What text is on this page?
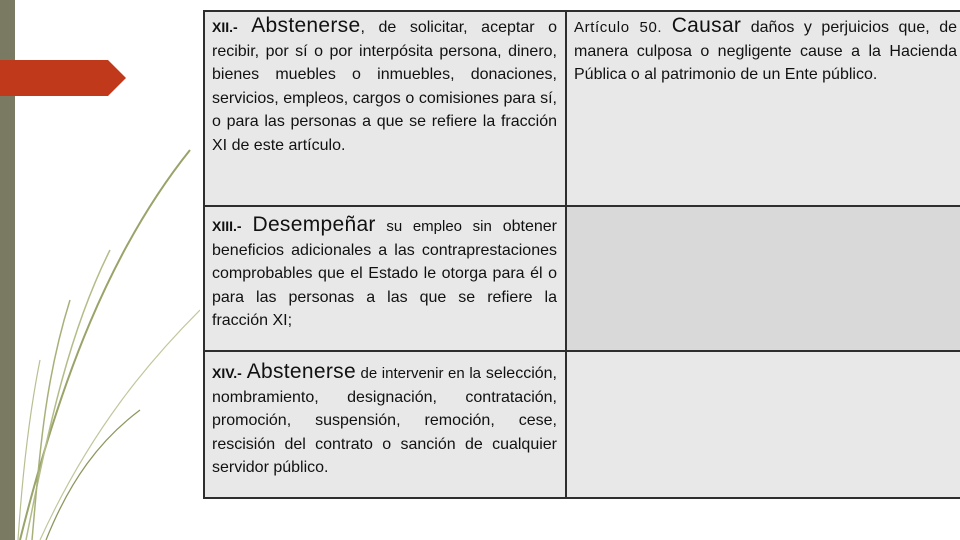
XII.- Abstenerse, de solicitar, aceptar o recibir, por sí o por interpósita persona, dinero, bienes muebles o inmuebles, donaciones, servicios, empleos, cargos o comisiones para sí, o para las personas a que se refiere la fracción XI de este artículo.	Artículo 50. Causar daños y perjuicios que, de manera culposa o negligente cause a la Hacienda Pública o al patrimonio de un Ente público.
XIII.- Desempeñar su empleo sin obtener beneficios adicionales a las contraprestaciones comprobables que el Estado le otorga para él o para las personas a las que se refiere la fracción XI;	
XIV.- Abstenerse de intervenir en la selección, nombramiento, designación, contratación, promoción, suspensión, remoción, cese, rescisión del contrato o sanción de cualquier servidor público.	
